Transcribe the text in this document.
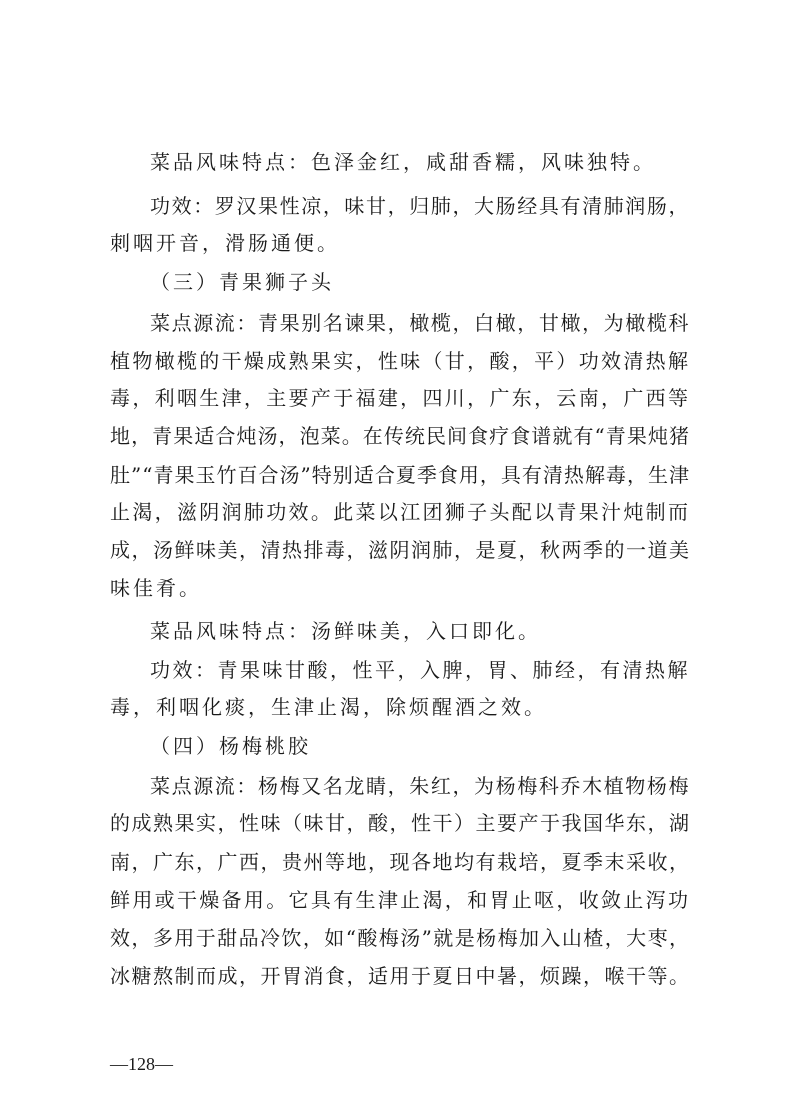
菜品风味特点：色泽金红，咸甜香糯，风味独特。
功效：罗汉果性凉，味甘，归肺，大肠经具有清肺润肠，
刺咽开音，滑肠通便。
（三）青果狮子头
菜点源流：青果别名谏果，橄榄，白橄，甘橄，为橄榄科
植物橄榄的干燥成熟果实，性味（甘，酸，平）功效清热解
毒，利咽生津，主要产于福建，四川，广东，云南，广西等
地，青果适合炖汤，泡菜。在传统民间食疗食谱就有“青果炖猪
肚”“青果玉竹百合汤”特别适合夏季食用，具有清热解毒，生津
止渴，滋阴润肺功效。此菜以江团狮子头配以青果汁炖制而
成，汤鲜味美，清热排毒，滋阴润肺，是夏，秋两季的一道美
味佳肴。
菜品风味特点：汤鲜味美，入口即化。
功效：青果味甘酸，性平，入脾，胃、肺经，有清热解
毒，利咽化痰，生津止渴，除烦醒酒之效。
（四）杨梅桃胶
菜点源流：杨梅又名龙睛，朱红，为杨梅科乔木植物杨梅
的成熟果实，性味（味甘，酸，性干）主要产于我国华东，湖
南，广东，广西，贵州等地，现各地均有栽培，夏季末采收，
鲜用或干燥备用。它具有生津止渴，和胃止呕，收敛止泻功
效，多用于甜品冷饮，如“酸梅汤”就是杨梅加入山楂，大枣，
冰糖熬制而成，开胃消食，适用于夏日中暑，烦躁，喉干等。
—128—
